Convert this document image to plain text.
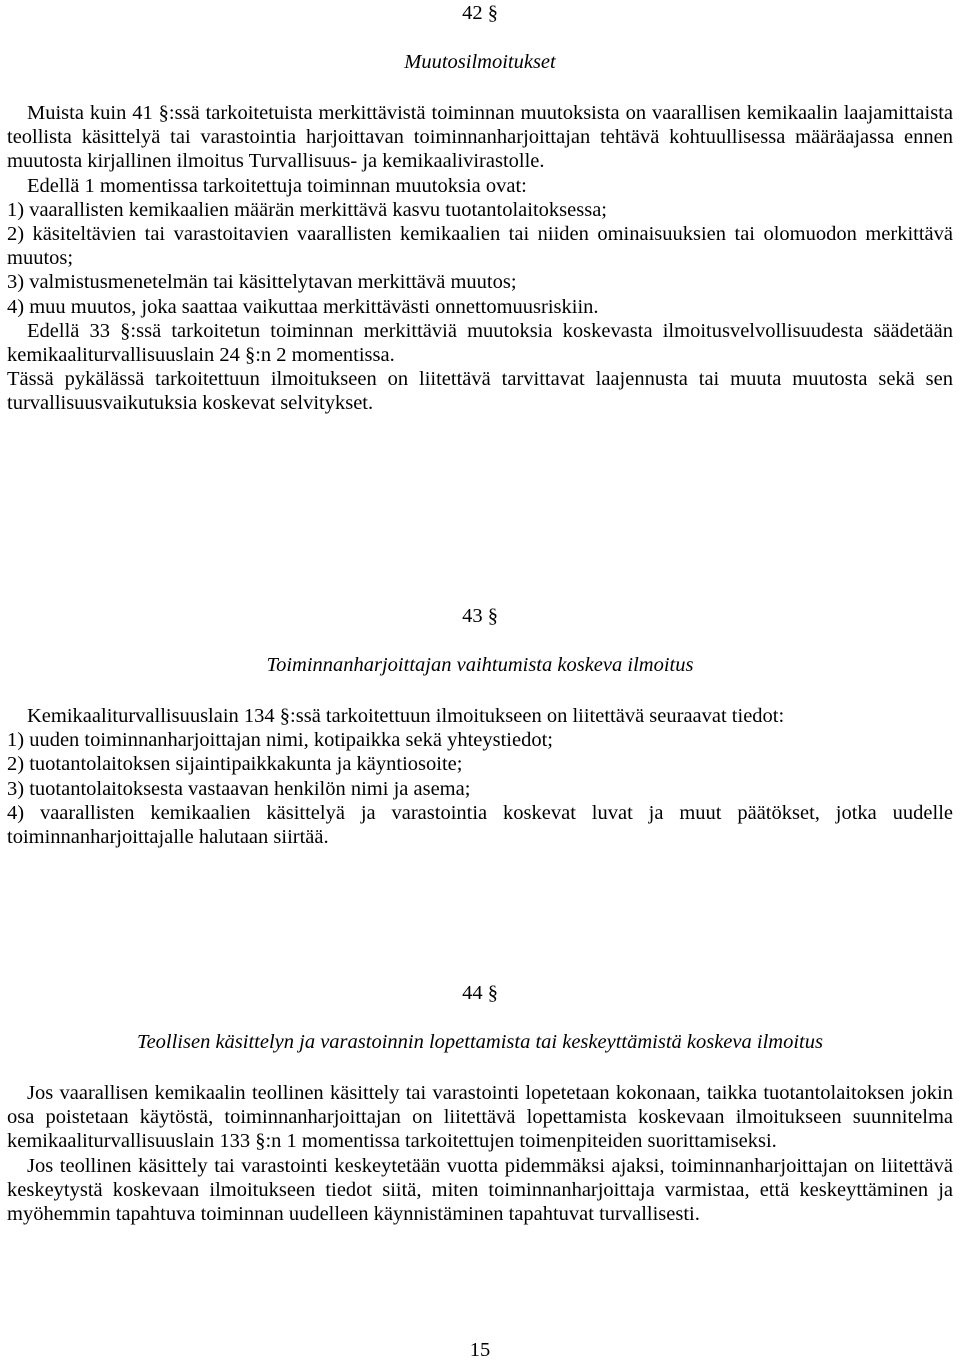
42 §

Muutosilmoitukset

Muista kuin 41 §:ssä tarkoitetuista merkittävistä toiminnan muutoksista on vaarallisen kemikaalin laajamittaista teollista käsittelyä tai varastointia harjoittavan toiminnanharjoittajan tehtävä kohtuullisessa määräajassa ennen muutosta kirjallinen ilmoitus Turvallisuus- ja kemikaalivirastolle.

Edellä 1 momentissa tarkoitettuja toiminnan muutoksia ovat:

1) vaarallisten kemikaalien määrän merkittävä kasvu tuotantolaitoksessa;

2) käsiteltävien tai varastoitavien vaarallisten kemikaalien tai niiden ominaisuuksien tai olomuodon merkittävä muutos;

3) valmistusmenetelmän tai käsittelytavan merkittävä muutos;

4) muu muutos, joka saattaa vaikuttaa merkittävästi onnettomuusriskiin.

Edellä 33 §:ssä tarkoitetun toiminnan merkittäviä muutoksia koskevasta ilmoitusvelvollisuudesta säädetään kemikaaliturvallisuuslain 24 §:n 2 momentissa.

Tässä pykälässä tarkoitettuun ilmoitukseen on liitettävä tarvittavat laajennusta tai muuta muutosta sekä sen turvallisuusvaikutuksia koskevat selvitykset.

43 §

Toiminnanharjoittajan vaihtumista koskeva ilmoitus

Kemikaaliturvallisuuslain 134 §:ssä tarkoitettuun ilmoitukseen on liitettävä seuraavat tiedot:

1) uuden toiminnanharjoittajan nimi, kotipaikka sekä yhteystiedot;

2) tuotantolaitoksen sijaintipaikkakunta ja käyntiosoite;

3) tuotantolaitoksesta vastaavan henkilön nimi ja asema;

4) vaarallisten kemikaalien käsittelyä ja varastointia koskevat luvat ja muut päätökset, jotka uudelle toiminnanharjoittajalle halutaan siirtää.

44 §

Teollisen käsittelyn ja varastoinnin lopettamista tai keskeyttämistä koskeva ilmoitus

Jos vaarallisen kemikaalin teollinen käsittely tai varastointi lopetetaan kokonaan, taikka tuotantolaitoksen jokin osa poistetaan käytöstä, toiminnanharjoittajan on liitettävä lopettamista koskevaan ilmoitukseen suunnitelma kemikaaliturvallisuuslain 133 §:n 1 momentissa tarkoitettujen toimenpiteiden suorittamiseksi.

Jos teollinen käsittely tai varastointi keskeytetään vuotta pidemmäksi ajaksi, toiminnanharjoittajan on liitettävä keskeytystä koskevaan ilmoitukseen tiedot siitä, miten toiminnanharjoittaja varmistaa, että keskeyttäminen ja myöhemmin tapahtuva toiminnan uudelleen käynnistäminen tapahtuvat turvallisesti.

15
